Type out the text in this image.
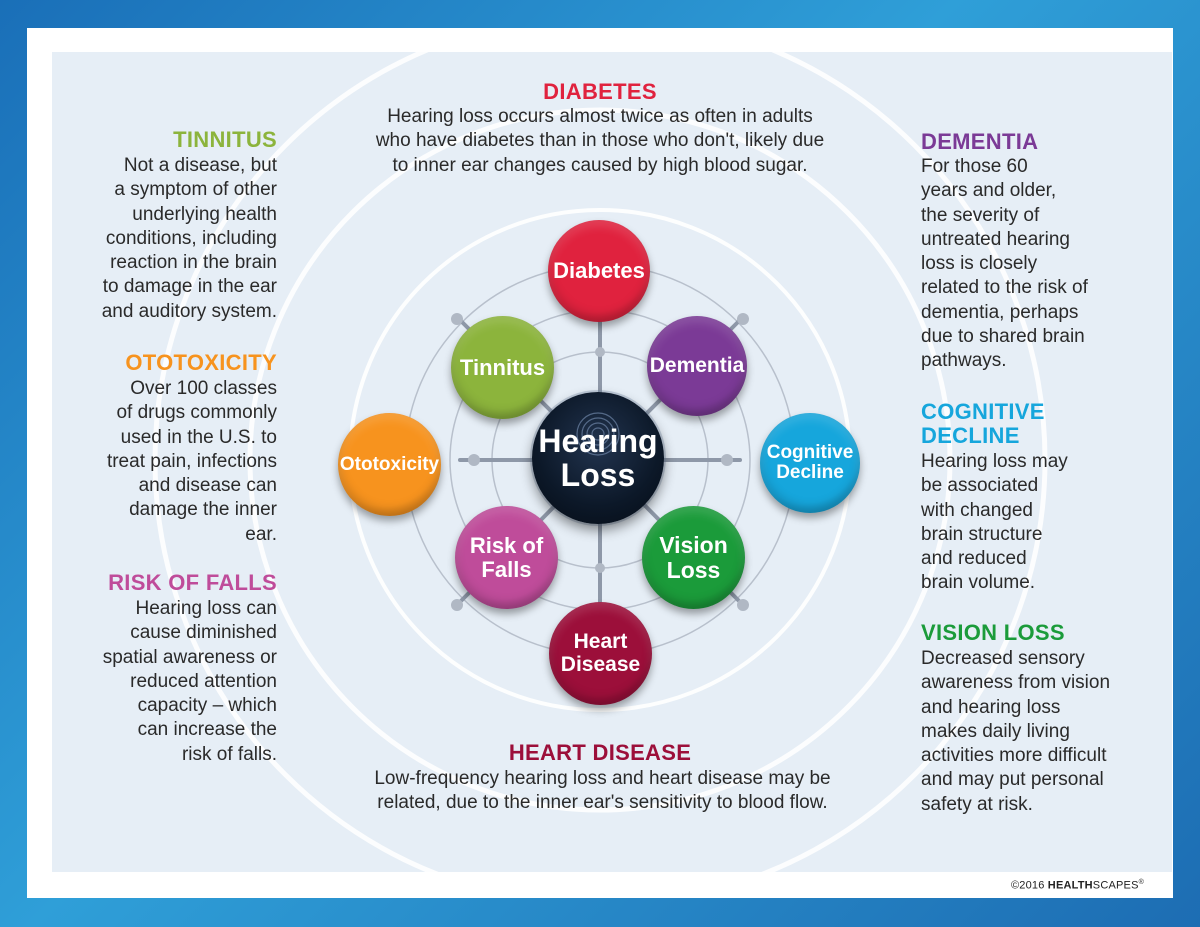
DIABETES

Hearing loss occurs almost twice as often in adults
who have diabetes than in those who don't, likely due
to inner ear changes caused by high blood sugar.

TINNITUS

Not a disease, but
a symptom of other
underlying health
conditions, including
reaction in the brain
to damage in the ear
and auditory system.

OTOTOXICITY

Over 100 classes
of drugs commonly
used in the U.S. to
treat pain, infections
and disease can
damage the inner
ear.

RISK OF FALLS

Hearing loss can
cause diminished
spatial awareness or
reduced attention
capacity – which
can increase the
risk of falls.

DEMENTIA

For those 60
years and older,
the severity of
untreated hearing
loss is closely
related to the risk of
dementia, perhaps
due to shared brain
pathways.
COGNITIVE
DECLINE
Hearing loss may
be associated
with changed
brain structure
and reduced
brain volume.

VISION LOSS

Decreased sensory
awareness from vision
and hearing loss
makes daily living
activities more difficult
and may put personal
safety at risk.

HEART DISEASE

Low-frequency hearing loss and heart disease may be
related, due to the inner ear's sensitivity to blood flow.
Diabetes
Dementia
Cognitive
Decline
Vision
Loss
Heart
Disease
Risk of
Falls
Ototoxicity
Tinnitus
Hearing
Loss
©2016 HEALTHSCAPES®
